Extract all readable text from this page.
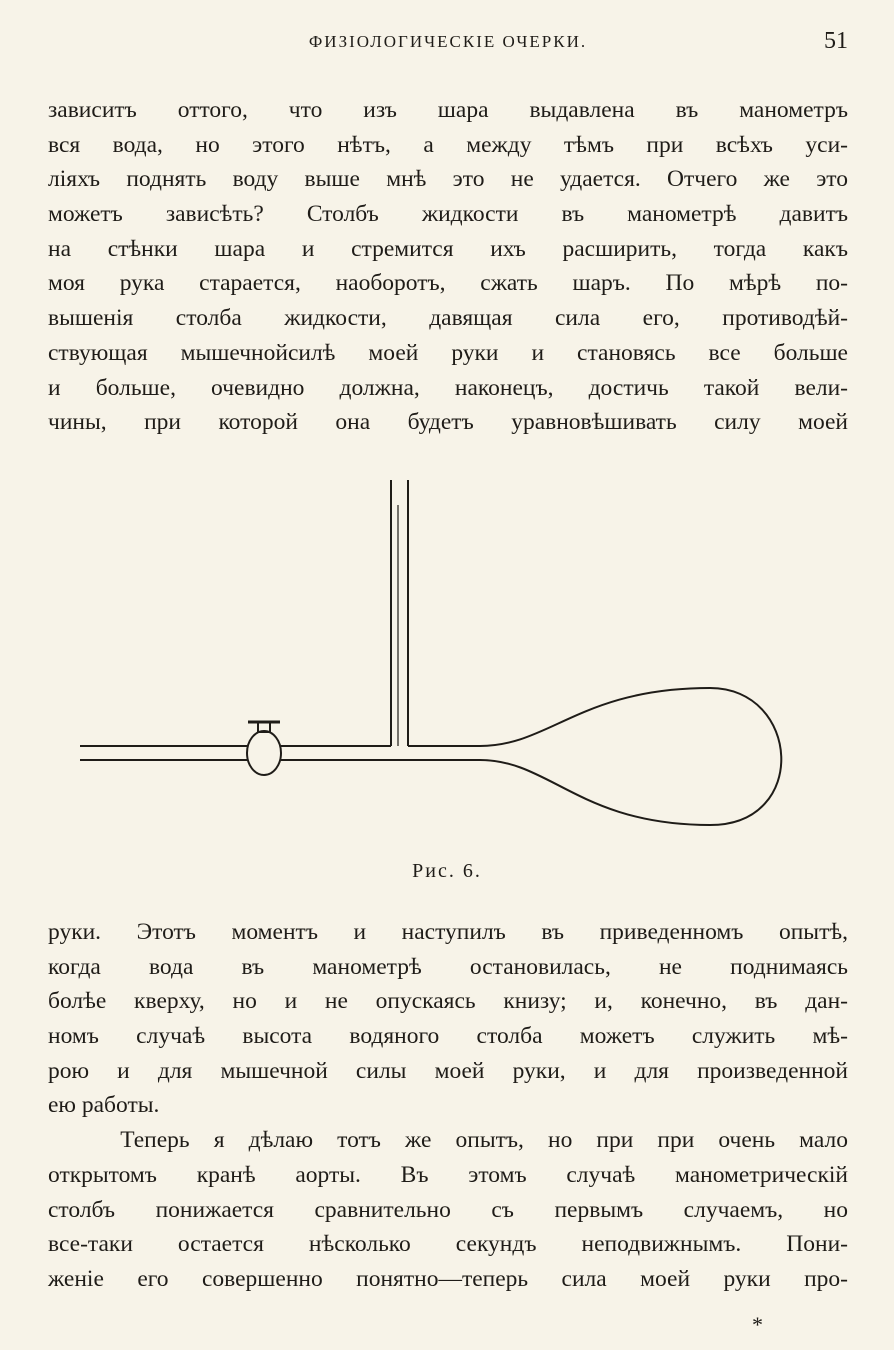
ФИЗІОЛОГИЧЕСКІЕ ОЧЕРКИ.	51
зависитъ оттого, что изъ шара выдавлена въ манометръ
вся вода, но этого нѣтъ, а между тѣмъ при всѣхъ уси-
ліяхъ поднять воду выше мнѣ это не удается. Отчего же это
можетъ зависѣть? Столбъ жидкости въ манометрѣ давитъ
на стѣнки шара и стремится ихъ расширить, тогда какъ
моя рука старается, наоборотъ, сжать шаръ. По мѣрѣ по-
вышенія столба жидкости, давящая сила его, противодѣй-
ствующая мышечнойсилѣ моей руки и становясь все больше
и больше, очевидно должна, наконецъ, достичь такой вели-
чины, при которой она будетъ уравновѣшивать силу моей
Рис. 6.
руки. Этотъ моментъ и наступилъ въ приведенномъ опытѣ,
когда вода въ манометрѣ остановилась, не поднимаясь
болѣе кверху, но и не опускаясь книзу; и, конечно, въ дан-
номъ случаѣ высота водяного столба можетъ служить мѣ-
рою и для мышечной силы моей руки, и для произведенной
ею работы.
Теперь я дѣлаю тотъ же опытъ, но при при очень мало
открытомъ кранѣ аорты. Въ этомъ случаѣ манометрическій
столбъ понижается сравнительно съ первымъ случаемъ, но
все-таки остается нѣсколько секундъ неподвижнымъ. Пони-
женіе его совершенно понятно—теперь сила моей руки про-
*
